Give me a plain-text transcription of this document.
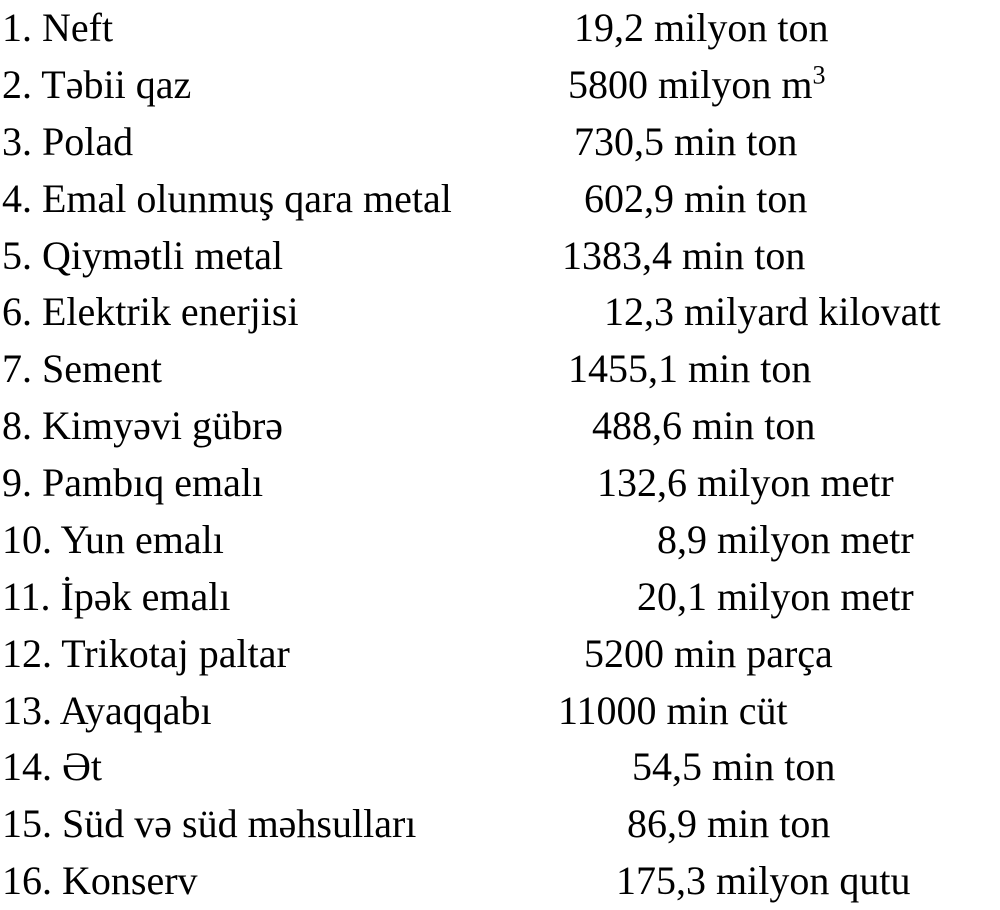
1. Neft	19,2 milyon ton
2. Təbii qaz	5800 milyon $m^3$
3. Polad	730,5 min ton
4. Emal olunmuş qara metal	602,9 min ton
5. Qiymətli metal	1383,4 min ton
6. Elektrik enerjisi	12,3 milyard kilovatt
7. Sement	1455,1 min ton
8. Kimyəvi gübrə	488,6 min ton
9. Pambıq emalı	132,6 milyon metr
10. Yun emalı	8,9 milyon metr
11. İpək emalı	20,1 milyon metr
12. Trikotaj paltar	5200 min parça
13. Ayaqqabı	11000 min cüt
14. Ət	54,5 min ton
15. Süd və süd məhsulları	86,9 min ton
16. Konserv	175,3 milyon qutu
